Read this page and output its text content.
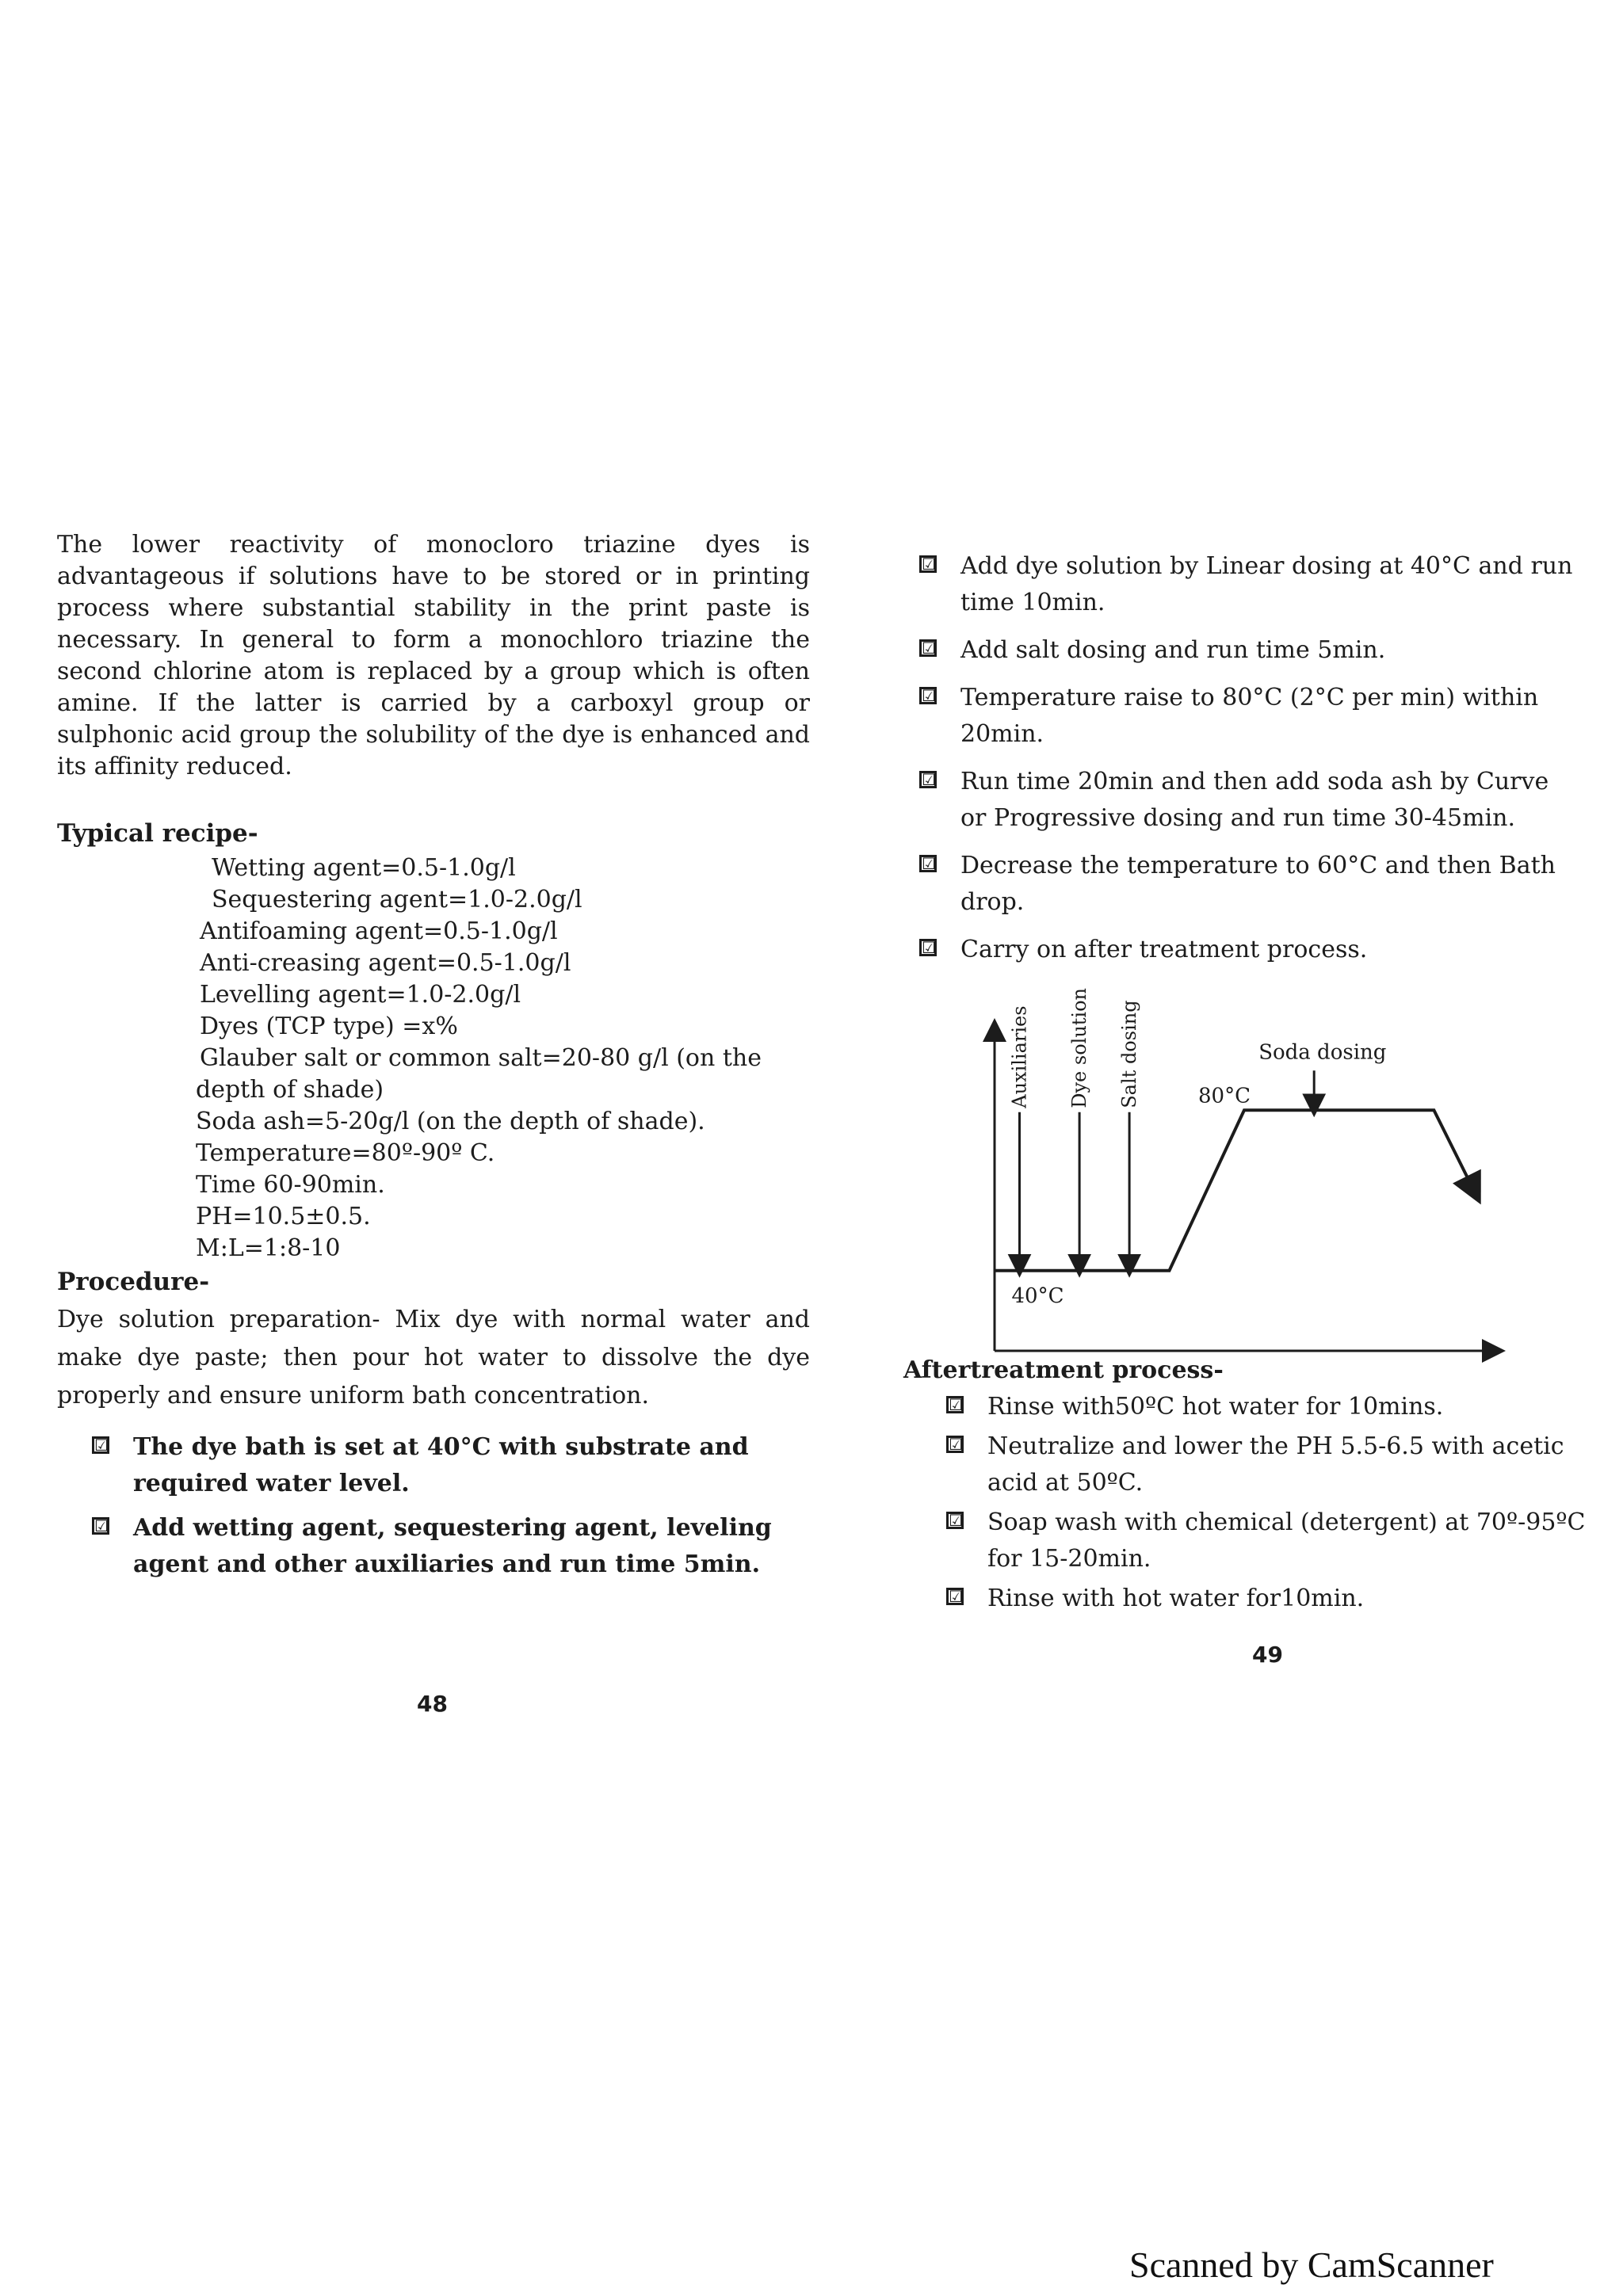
The lower reactivity of monocloro triazine dyes is advantageous if solutions have to be stored or in printing process where substantial stability in the print paste is necessary. In general to form a monochloro triazine the second chlorine atom is replaced by a group which is often amine. If the latter is carried by a carboxyl group or sulphonic acid group the solubility of the dye is enhanced and its affinity reduced.

Typical recipe-

Wetting agent=0.5-1.0g/l
Sequestering agent=1.0-2.0g/l
Antifoaming agent=0.5-1.0g/l
Anti-creasing agent=0.5-1.0g/l
Levelling agent=1.0-2.0g/l
Dyes (TCP type) =x%
Glauber salt or common salt=20-80 g/l (on the
depth of shade)
Soda ash=5-20g/l (on the depth of shade).
Temperature=80º-90º C.
Time 60-90min.
PH=10.5±0.5.
M:L=1:8-10

Procedure-

Dye solution preparation- Mix dye with normal water and make dye paste; then pour hot water to dissolve the dye properly and ensure uniform bath concentration.

☑ The dye bath is set at 40°C with substrate and required water level.
☑ Add wetting agent, sequestering agent, leveling agent and other auxiliaries and run time 5min.
48
☑ Add dye solution by Linear dosing at 40°C and run time 10min.
☑ Add salt dosing and run time 5min.
☑ Temperature raise to 80°C (2°C per min) within 20min.
☑ Run time 20min and then add soda ash by Curve or Progressive dosing and run time 30-45min.
☑ Decrease the temperature to 60°C and then Bath drop.
☑ Carry on after treatment process.
Auxiliaries Dye solution Salt dosing	Soda dosing
80°C
40°C

Aftertreatment process-

☑ Rinse with50ºC hot water for 10mins.
☑ Neutralize and lower the PH 5.5-6.5 with acetic acid at 50ºC.
☑ Soap wash with chemical (detergent) at 70º-95ºC for 15-20min.
☑ Rinse with hot water for10min.
49
Scanned by CamScanner
